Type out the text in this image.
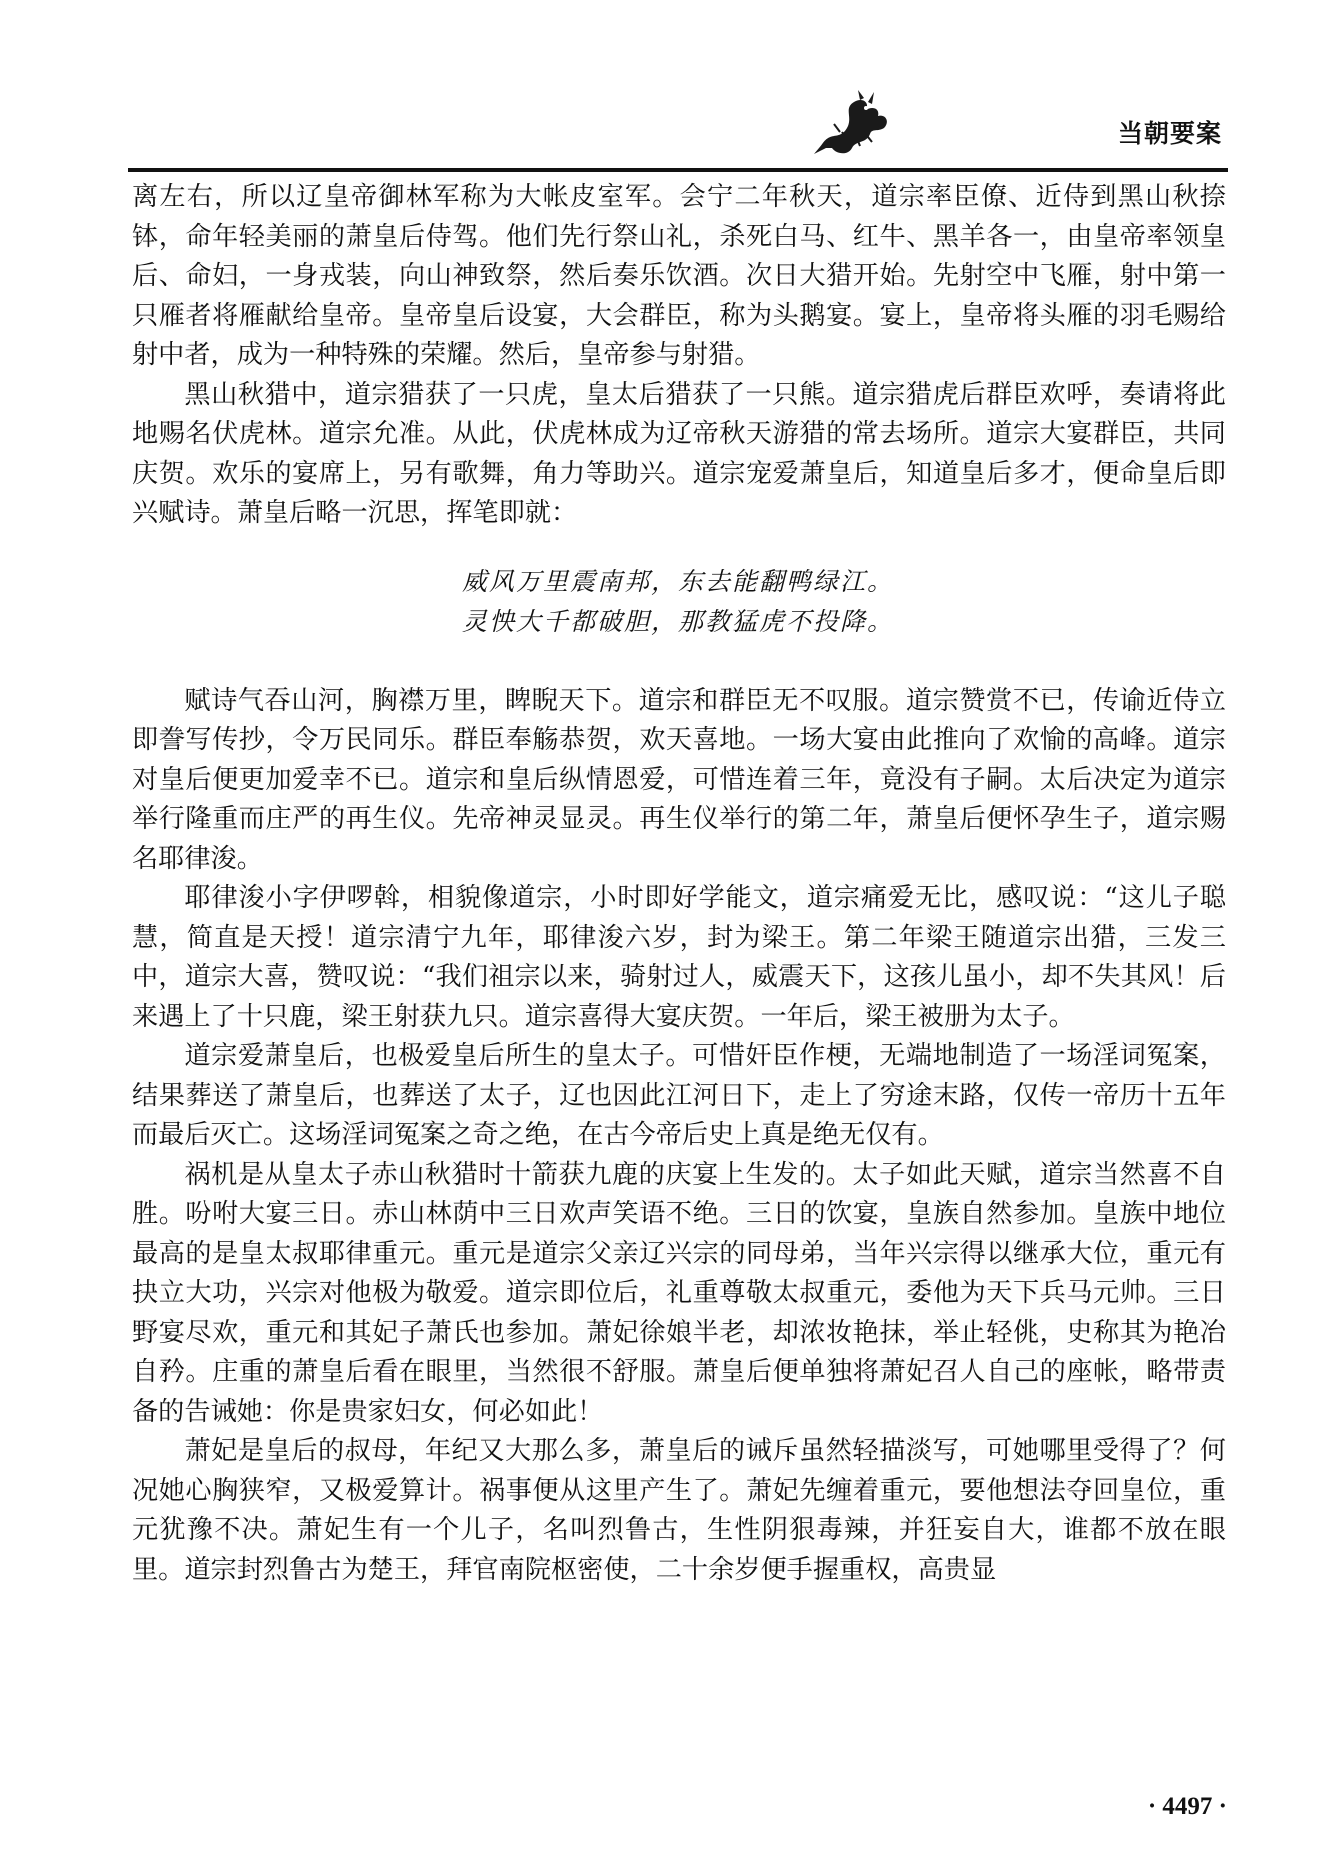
当朝要案

离左右，所以辽皇帝御林军称为大帐皮室军。会宁二年秋天，道宗率臣僚、近侍到黑山秋捺钵，命年轻美丽的萧皇后侍驾。他们先行祭山礼，杀死白马、红牛、黑羊各一，由皇帝率领皇后、命妇，一身戎装，向山神致祭，然后奏乐饮酒。次日大猎开始。先射空中飞雁，射中第一只雁者将雁献给皇帝。皇帝皇后设宴，大会群臣，称为头鹅宴。宴上，皇帝将头雁的羽毛赐给射中者，成为一种特殊的荣耀。然后，皇帝参与射猎。

黑山秋猎中，道宗猎获了一只虎，皇太后猎获了一只熊。道宗猎虎后群臣欢呼，奏请将此地赐名伏虎林。道宗允准。从此，伏虎林成为辽帝秋天游猎的常去场所。道宗大宴群臣，共同庆贺。欢乐的宴席上，另有歌舞，角力等助兴。道宗宠爱萧皇后，知道皇后多才，便命皇后即兴赋诗。萧皇后略一沉思，挥笔即就：

威风万里震南邦，东去能翻鸭绿江。
灵怏大千都破胆，那教猛虎不投降。

赋诗气吞山河，胸襟万里，睥睨天下。道宗和群臣无不叹服。道宗赞赏不已，传谕近侍立即誊写传抄，令万民同乐。群臣奉觞恭贺，欢天喜地。一场大宴由此推向了欢愉的高峰。道宗对皇后便更加爱幸不已。道宗和皇后纵情恩爱，可惜连着三年，竟没有子嗣。太后决定为道宗举行隆重而庄严的再生仪。先帝神灵显灵。再生仪举行的第二年，萧皇后便怀孕生子，道宗赐名耶律浚。

耶律浚小字伊啰斡，相貌像道宗，小时即好学能文，道宗痛爱无比，感叹说：“这儿子聪慧，简直是天授！道宗清宁九年，耶律浚六岁，封为梁王。第二年梁王随道宗出猎，三发三中，道宗大喜，赞叹说：“我们祖宗以来，骑射过人，威震天下，这孩儿虽小，却不失其风！后来遇上了十只鹿，梁王射获九只。道宗喜得大宴庆贺。一年后，梁王被册为太子。

道宗爱萧皇后，也极爱皇后所生的皇太子。可惜奸臣作梗，无端地制造了一场淫词冤案，结果葬送了萧皇后，也葬送了太子，辽也因此江河日下，走上了穷途末路，仅传一帝历十五年而最后灭亡。这场淫词冤案之奇之绝，在古今帝后史上真是绝无仅有。

祸机是从皇太子赤山秋猎时十箭获九鹿的庆宴上生发的。太子如此天赋，道宗当然喜不自胜。吩咐大宴三日。赤山林荫中三日欢声笑语不绝。三日的饮宴，皇族自然参加。皇族中地位最高的是皇太叔耶律重元。重元是道宗父亲辽兴宗的同母弟，当年兴宗得以继承大位，重元有抉立大功，兴宗对他极为敬爱。道宗即位后，礼重尊敬太叔重元，委他为天下兵马元帅。三日野宴尽欢，重元和其妃子萧氏也参加。萧妃徐娘半老，却浓妆艳抹，举止轻佻，史称其为艳冶自矜。庄重的萧皇后看在眼里，当然很不舒服。萧皇后便单独将萧妃召人自己的座帐，略带责备的告诫她：你是贵家妇女，何必如此！

萧妃是皇后的叔母，年纪又大那么多，萧皇后的诫斥虽然轻描淡写，可她哪里受得了？何况她心胸狭窄，又极爱算计。祸事便从这里产生了。萧妃先缠着重元，要他想法夺回皇位，重元犹豫不决。萧妃生有一个儿子，名叫烈鲁古，生性阴狠毒辣，并狂妄自大，谁都不放在眼里。道宗封烈鲁古为楚王，拜官南院枢密使，二十余岁便手握重权，高贵显

· 4497 ·
